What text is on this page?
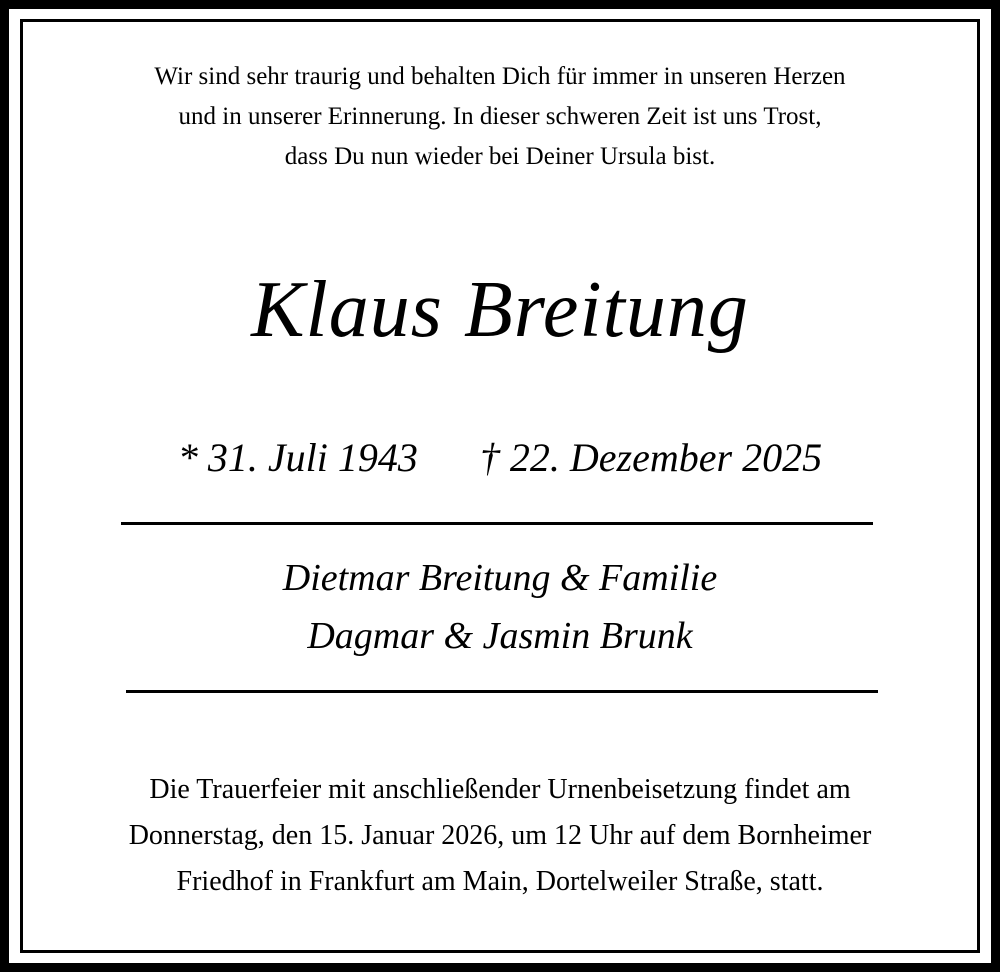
Wir sind sehr traurig und behalten Dich für immer in unseren Herzen
und in unserer Erinnerung. In dieser schweren Zeit ist uns Trost,
dass Du nun wieder bei Deiner Ursula bist.
Klaus Breitung
* 31. Juli 1943 † 22. Dezember 2025
Dietmar Breitung & Familie
Dagmar & Jasmin Brunk
Die Trauerfeier mit anschließender Urnenbeisetzung findet am
Donnerstag, den 15. Januar 2026, um 12 Uhr auf dem Bornheimer
Friedhof in Frankfurt am Main, Dortelweiler Straße, statt.
